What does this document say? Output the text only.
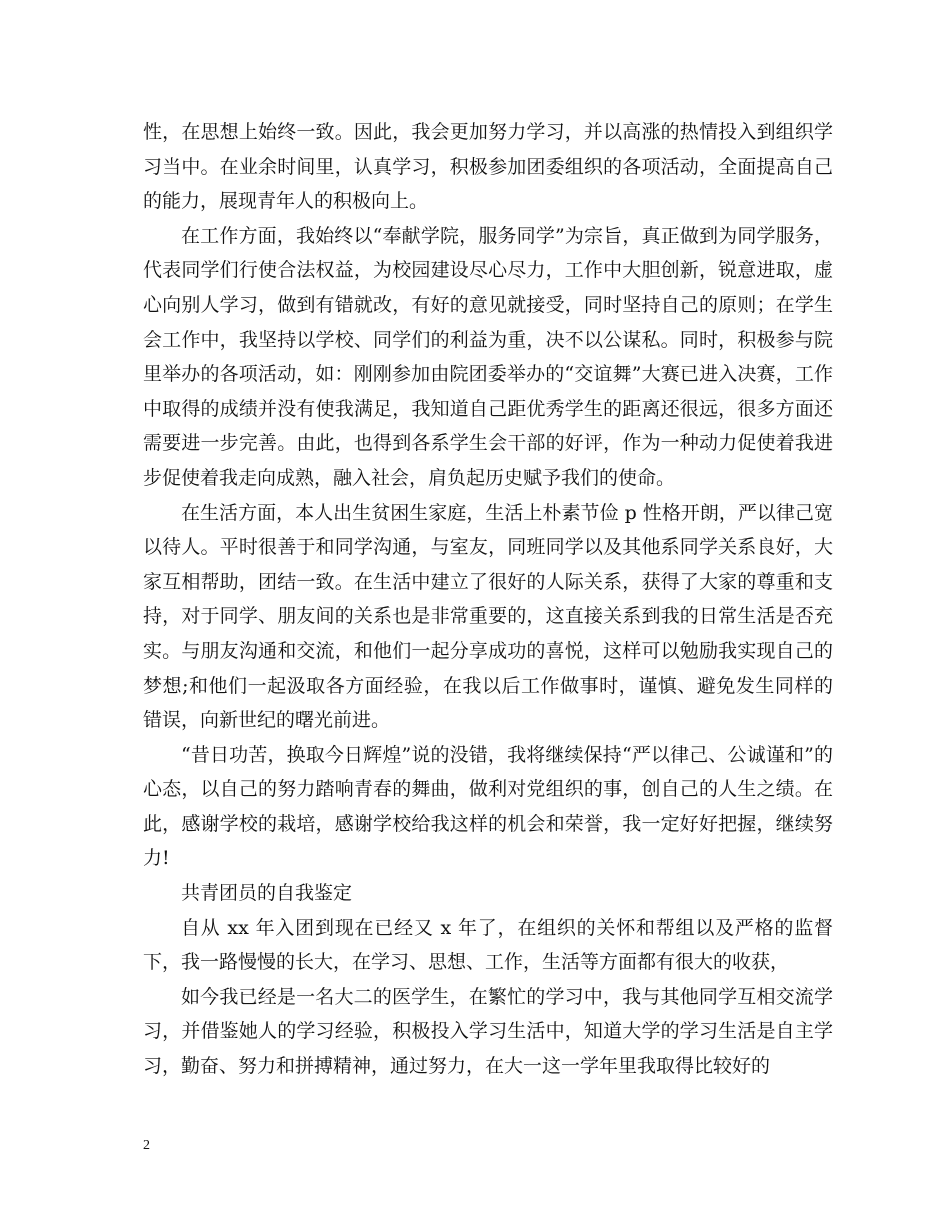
性，在思想上始终一致。因此，我会更加努力学习，并以高涨的热情投入到组织学习当中。在业余时间里，认真学习，积极参加团委组织的各项活动，全面提高自己的能力，展现青年人的积极向上。

在工作方面，我始终以“奉献学院，服务同学”为宗旨，真正做到为同学服务，代表同学们行使合法权益，为校园建设尽心尽力，工作中大胆创新，锐意进取，虚心向别人学习，做到有错就改，有好的意见就接受，同时坚持自己的原则；在学生会工作中，我坚持以学校、同学们的利益为重，决不以公谋私。同时，积极参与院里举办的各项活动，如：刚刚参加由院团委举办的“交谊舞”大赛已进入决赛，工作中取得的成绩并没有使我满足，我知道自己距优秀学生的距离还很远，很多方面还需要进一步完善。由此，也得到各系学生会干部的好评，作为一种动力促使着我进步促使着我走向成熟，融入社会，肩负起历史赋予我们的使命。

在生活方面，本人出生贫困生家庭，生活上朴素节俭 p 性格开朗，严以律己宽以待人。平时很善于和同学沟通，与室友，同班同学以及其他系同学关系良好，大家互相帮助，团结一致。在生活中建立了很好的人际关系，获得了大家的尊重和支持，对于同学、朋友间的关系也是非常重要的，这直接关系到我的日常生活是否充实。与朋友沟通和交流，和他们一起分享成功的喜悦，这样可以勉励我实现自己的梦想;和他们一起汲取各方面经验，在我以后工作做事时，谨慎、避免发生同样的错误，向新世纪的曙光前进。

“昔日功苦，换取今日辉煌”说的没错，我将继续保持“严以律己、公诚谨和”的心态，以自己的努力踏响青春的舞曲，做利对党组织的事，创自己的人生之绩。在此，感谢学校的栽培，感谢学校给我这样的机会和荣誉，我一定好好把握，继续努力!

共青团员的自我鉴定

自从 xx 年入团到现在已经又 x 年了，在组织的关怀和帮组以及严格的监督下，我一路慢慢的长大，在学习、思想、工作，生活等方面都有很大的收获，

如今我已经是一名大二的医学生，在繁忙的学习中，我与其他同学互相交流学习，并借鉴她人的学习经验，积极投入学习生活中，知道大学的学习生活是自主学习，勤奋、努力和拼搏精神，通过努力，在大一这一学年里我取得比较好的

2
